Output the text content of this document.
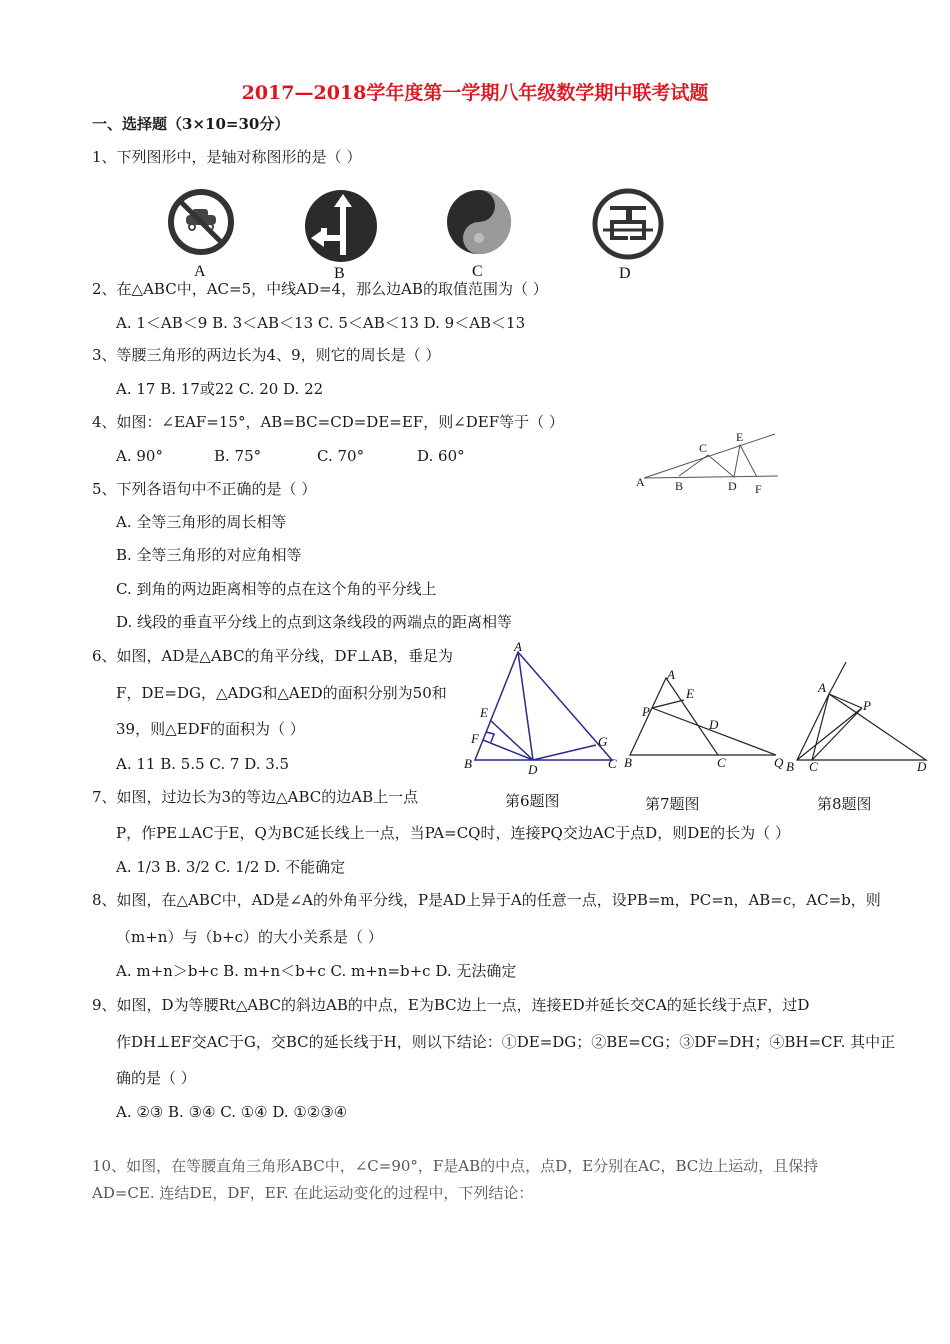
2017—2018学年度第一学期八年级数学期中联考试题
一、选择题（3×10=30分）
1、下列图形中，是轴对称图形的是（ ）
A	B	C	D
2、在△ABC中，AC=5，中线AD=4，那么边AB的取值范围为（ ）
A. 1＜AB＜9 B. 3＜AB＜13 C. 5＜AB＜13 D. 9＜AB＜13
3、等腰三角形的两边长为4、9，则它的周长是（ ）
A. 17 B. 17或22 C. 20 D. 22
4、如图：∠EAF=15°，AB=BC=CD=DE=EF，则∠DEF等于（ ）
A. 90°	B. 75°	C. 70°	D. 60°
A	B
C
D
E
F
5、下列各语句中不正确的是（ ）
A. 全等三角形的周长相等
B. 全等三角形的对应角相等
C. 到角的两边距离相等的点在这个角的平分线上
D. 线段的垂直平分线上的点到这条线段的两端点的距离相等
6、如图，AD是△ABC的角平分线，DF⊥AB，垂足为
F，DE=DG，△ADG和△AED的面积分别为50和
39，则△EDF的面积为（ ）
A. 11 B. 5.5 C. 7 D. 3.5
A
E
F
B	D
G
C
A
E
P
D
B	C	Q
A
P
B C	D
第6题图	第7题图	第8题图
7、如图，过边长为3的等边△ABC的边AB上一点
P，作PE⊥AC于E，Q为BC延长线上一点，当PA=CQ时，连接PQ交边AC于点D，则DE的长为（ ）
A. 1/3 B. 3/2 C. 1/2 D. 不能确定
8、如图，在△ABC中，AD是∠A的外角平分线，P是AD上异于A的任意一点，设PB=m，PC=n，AB=c，AC=b，则
（m+n）与（b+c）的大小关系是（ ）
A. m+n＞b+c B. m+n＜b+c C. m+n=b+c D. 无法确定
9、如图，D为等腰Rt△ABC的斜边AB的中点，E为BC边上一点，连接ED并延长交CA的延长线于点F，过D
作DH⊥EF交AC于G，交BC的延长线于H，则以下结论：①DE=DG；②BE=CG；③DF=DH；④BH=CF. 其中正
确的是（ ）
A. ②③ B. ③④ C. ①④ D. ①②③④
10、如图，在等腰直角三角形ABC中，∠C=90°，F是AB的中点，点D，E分别在AC，BC边上运动，且保持
AD=CE. 连结DE，DF，EF. 在此运动变化的过程中，下列结论：
